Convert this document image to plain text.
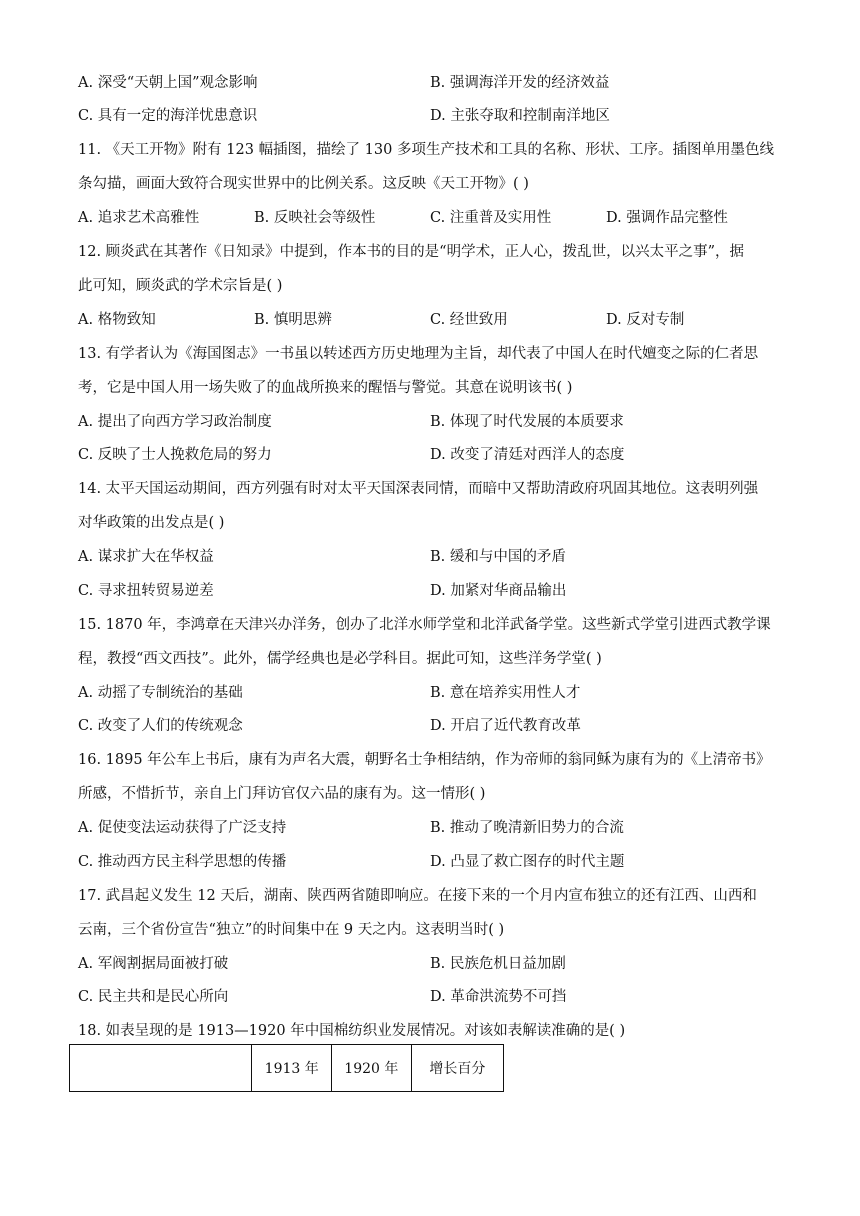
A. 深受“天朝上国”观念影响	B. 强调海洋开发的经济效益
C. 具有一定的海洋忧患意识	D. 主张夺取和控制南洋地区
11. 《天工开物》附有 123 幅插图，描绘了 130 多项生产技术和工具的名称、形状、工序。插图单用墨色线
条勾描，画面大致符合现实世界中的比例关系。这反映《天工开物》( )
A. 追求艺术高雅性	B. 反映社会等级性	C. 注重普及实用性	D. 强调作品完整性
12. 顾炎武在其著作《日知录》中提到，作本书的目的是“明学术，正人心，拨乱世，以兴太平之事”，据
此可知，顾炎武的学术宗旨是( )
A. 格物致知	B. 慎明思辨	C. 经世致用	D. 反对专制
13. 有学者认为《海国图志》一书虽以转述西方历史地理为主旨，却代表了中国人在时代嬗变之际的仁者思
考，它是中国人用一场失败了的血战所换来的醒悟与警觉。其意在说明该书( )
A. 提出了向西方学习政治制度	B. 体现了时代发展的本质要求
C. 反映了士人挽救危局的努力	D. 改变了清廷对西洋人的态度
14. 太平天国运动期间，西方列强有时对太平天国深表同情，而暗中又帮助清政府巩固其地位。这表明列强
对华政策的出发点是( )
A. 谋求扩大在华权益	B. 缓和与中国的矛盾
C. 寻求扭转贸易逆差	D. 加紧对华商品输出
15. 1870 年，李鸿章在天津兴办洋务，创办了北洋水师学堂和北洋武备学堂。这些新式学堂引进西式教学课
程，教授“西文西技”。此外，儒学经典也是必学科目。据此可知，这些洋务学堂( )
A. 动摇了专制统治的基础	B. 意在培养实用性人才
C. 改变了人们的传统观念	D. 开启了近代教育改革
16. 1895 年公车上书后，康有为声名大震，朝野名士争相结纳，作为帝师的翁同稣为康有为的《上清帝书》
所感，不惜折节，亲自上门拜访官仅六品的康有为。这一情形( )
A. 促使变法运动获得了广泛支持	B. 推动了晚清新旧势力的合流
C. 推动西方民主科学思想的传播	D. 凸显了救亡图存的时代主题
17. 武昌起义发生 12 天后，湖南、陕西两省随即响应。在接下来的一个月内宣布独立的还有江西、山西和
云南，三个省份宣告“独立”的时间集中在 9 天之内。这表明当时( )
A. 军阀割据局面被打破	B. 民族危机日益加剧
C. 民主共和是民心所向	D. 革命洪流势不可挡
18. 如表呈现的是 1913—1920 年中国棉纺织业发展情况。对该如表解读准确的是( )
	1913 年	1920 年	增长百分
